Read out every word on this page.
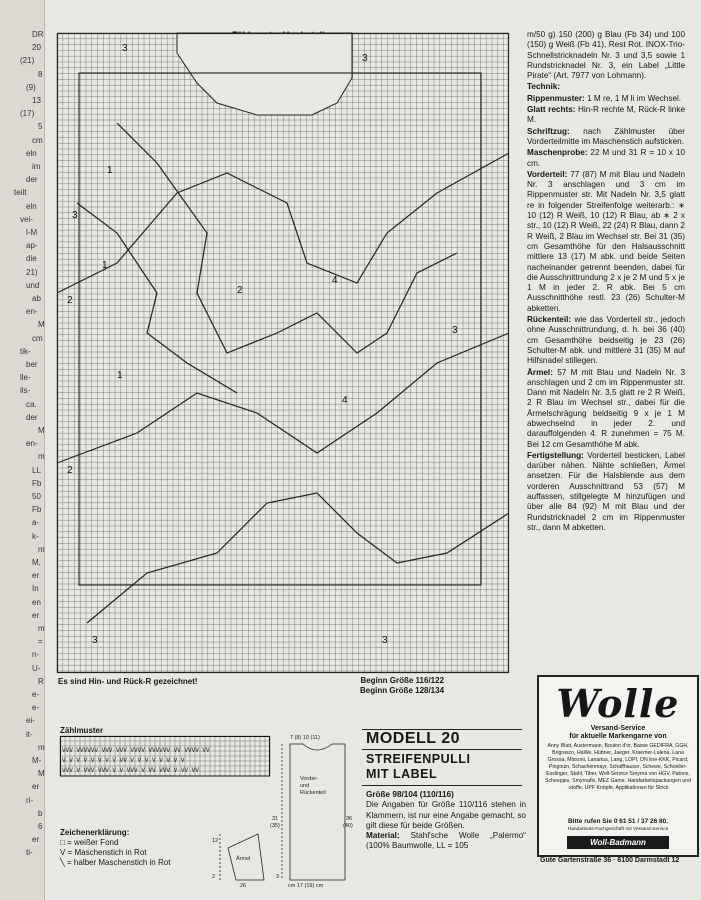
DR
20
(21)
8
(9)
13
(17)
5
cm
eln
im
der
teilt
eln
vei-
l-M
ap-
die
21)
und
ab
en-
M
cm
tik-
ber
lle-
ils-
ca.
der
M
en-
m
LL
Fb
50
Fb
a-
k-
m
M,
er
In
en
er
m
=
n-
U-
R
e-
e-
ei-
it-
m
M-
M
er
ri-
b
6
er
ti-
3
3
1
3
2
4
2
1
3
1
4
2
3	3
Es sind Hin- und Rück-R gezeichnet!	Beginn Größe 116/122
Beginn Größe 128/134

m/50 g) 150 (200) g Blau (Fb 34) und 100 (150) g Weiß (Fb 41), Rest Rot. INOX-Trio-Schnellstricknadeln Nr. 3 und 3,5 sowie 1 Rundstricknadel Nr. 3, ein Label „Little Pirate“ (Art. 7977 von Lohmann).

Technik:

Rippenmuster: 1 M re, 1 M li im Wechsel.

Glatt rechts: Hin-R rechte M, Rück-R linke M.

Schriftzug: nach Zählmuster über Vorderteilmitte im Maschenstich aufsticken.

Maschenprobe: 22 M und 31 R = 10 x 10 cm.

Vorderteil: 77 (87) M mit Blau und Nadeln Nr. 3 anschlagen und 3 cm im Rippenmuster str. Mit Nadeln Nr. 3,5 glatt re in folgender Streifenfolge weiterarb.: ∗ 10 (12) R Weiß, 10 (12) R Blau, ab ∗ 2 x str., 10 (12) R Weiß, 22 (24) R Blau, dann 2 R Weiß, 2 Blau im Wechsel str. Bei 31 (35) cm Gesamthöhe für den Halsausschnitt mittlere 13 (17) M abk. und beide Seiten nacheinander getrennt beenden, dabei für die Ausschnittrundung 2 x je 2 M und 5 x je 1 M in jeder 2. R abk. Bei 5 cm Ausschnitthöhe restl. 23 (26) Schulter-M abketten.

Rückenteil: wie das Vorderteil str., jedoch ohne Ausschnittrundung, d. h. bei 36 (40) cm Gesamthöhe beidseitig je 23 (26) Schulter-M abk. und mittlere 31 (35) M auf Hilfsnadel stillegen.

Ärmel: 57 M mit Blau und Nadeln Nr. 3 anschlagen und 2 cm im Rippenmuster str. Dann mit Nadeln Nr. 3,5 glatt re 2 R Weiß, 2 R Blau im Wechsel str., dabei für die Ärmelschrägung beidseitig 9 x je 1 M abwechselnd in jeder 2. und darauffolgenden 4. R zunehmen = 75 M. Bei 12 cm Gesamthöhe M abk.

Fertigstellung: Vorderteil besticken, Label darüber nähen. Nähte schließen, Ärmel ansetzen. Für die Halsblende aus dem vorderen Ausschnittrand 53 (57) M auffassen, stillgelegte M hinzufügen und über alle 84 (92) M mit Blau und der Rundstricknadel 2 cm im Rippenmuster str., dann M abketten.

Wolle
Versand-Service
für aktuelle Markengarne von
Anny Blatt, Austermann, Bouton d'or, Basse GEDIFRA, GGH, Brigrasco, HaWe, Hübner, Jaeger, Kraemer-Lalena, Lana Grossa, Missoni, Lanartus, Lang, LOPI, ON line-KKK, Picard, Pingouin, Schachenmayr, Schaffhauser, Schewe, Schoeller-Esslinger, Stahl, Tiber, Woll-Service Smyrna von HGV, Patons, Scheepjes, Smyrnafix, MEZ Game, Handarbeitspackungen und -stoffe, UPF Knöpfe, Applikationen für Strick
Bitte rufen Sie 0 61 51 / 37 26 80.
Handarbeits-Fachgeschäft mit Versand-Service
Woll-Badmann
Gute Gartenstraße 36 · 6100 Darmstadt 12
Zählmuster
VVV VVVVVV VVV VVV VVVV VVVVVV VV VVVV VV
V V V V V V V V VV V V V V V V V V
VVV V VVV VVV V V VVV V VV VVV V VV VV
Zeichenerklärung:
□ = weißer Fond
V = Maschenstich in Rot
╲ = halber Maschenstich in Rot
7 (8) 10 (11)
Vorder-
und
Rückenteil
31
(35)
36
(40)
Ärmel
12
2	3
26	cm 17 (19) cm
MODELL 20
STREIFENPULLI
MIT LABEL
Größe 98/104 (110/116)
Die Angaben für Größe 110/116 stehen in Klammern, ist nur eine Angabe gemacht, so gilt diese für beide Größen.
Material: Stahl'sche Wolle „Palermo“ (100% Baumwolle, LL = 105
